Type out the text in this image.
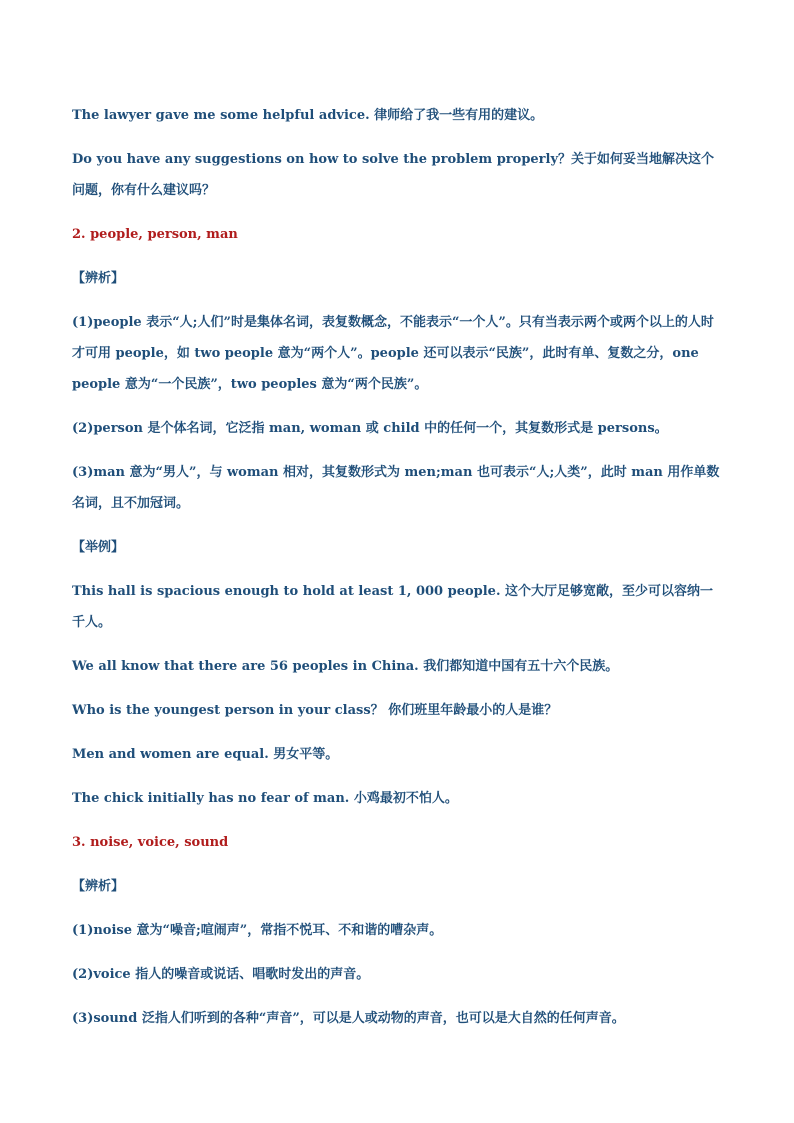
The lawyer gave me some helpful advice. 律师给了我一些有用的建议。

Do you have any suggestions on how to solve the problem properly？关于如何妥当地解决这个问题，你有什么建议吗？

2. people, person, man

【辨析】

(1)people 表示“人;人们”时是集体名词，表复数概念，不能表示“一个人”。只有当表示两个或两个以上的人时才可用 people，如 two people 意为“两个人”。people 还可以表示“民族”，此时有单、复数之分，one people 意为“一个民族”，two peoples 意为“两个民族”。

(2)person 是个体名词，它泛指 man, woman 或 child 中的任何一个，其复数形式是 persons。

(3)man 意为“男人”，与 woman 相对，其复数形式为 men;man 也可表示“人;人类”，此时 man 用作单数名词，且不加冠词。

【举例】

This hall is spacious enough to hold at least 1, 000 people. 这个大厅足够宽敞，至少可以容纳一千人。

We all know that there are 56 peoples in China. 我们都知道中国有五十六个民族。

Who is the youngest person in your class？ 你们班里年龄最小的人是谁？

Men and women are equal. 男女平等。

The chick initially has no fear of man. 小鸡最初不怕人。

3. noise, voice, sound

【辨析】

(1)noise 意为“噪音;喧闹声”，常指不悦耳、不和谐的嘈杂声。

(2)voice 指人的噪音或说话、唱歌时发出的声音。

(3)sound 泛指人们听到的各种“声音”，可以是人或动物的声音，也可以是大自然的任何声音。
